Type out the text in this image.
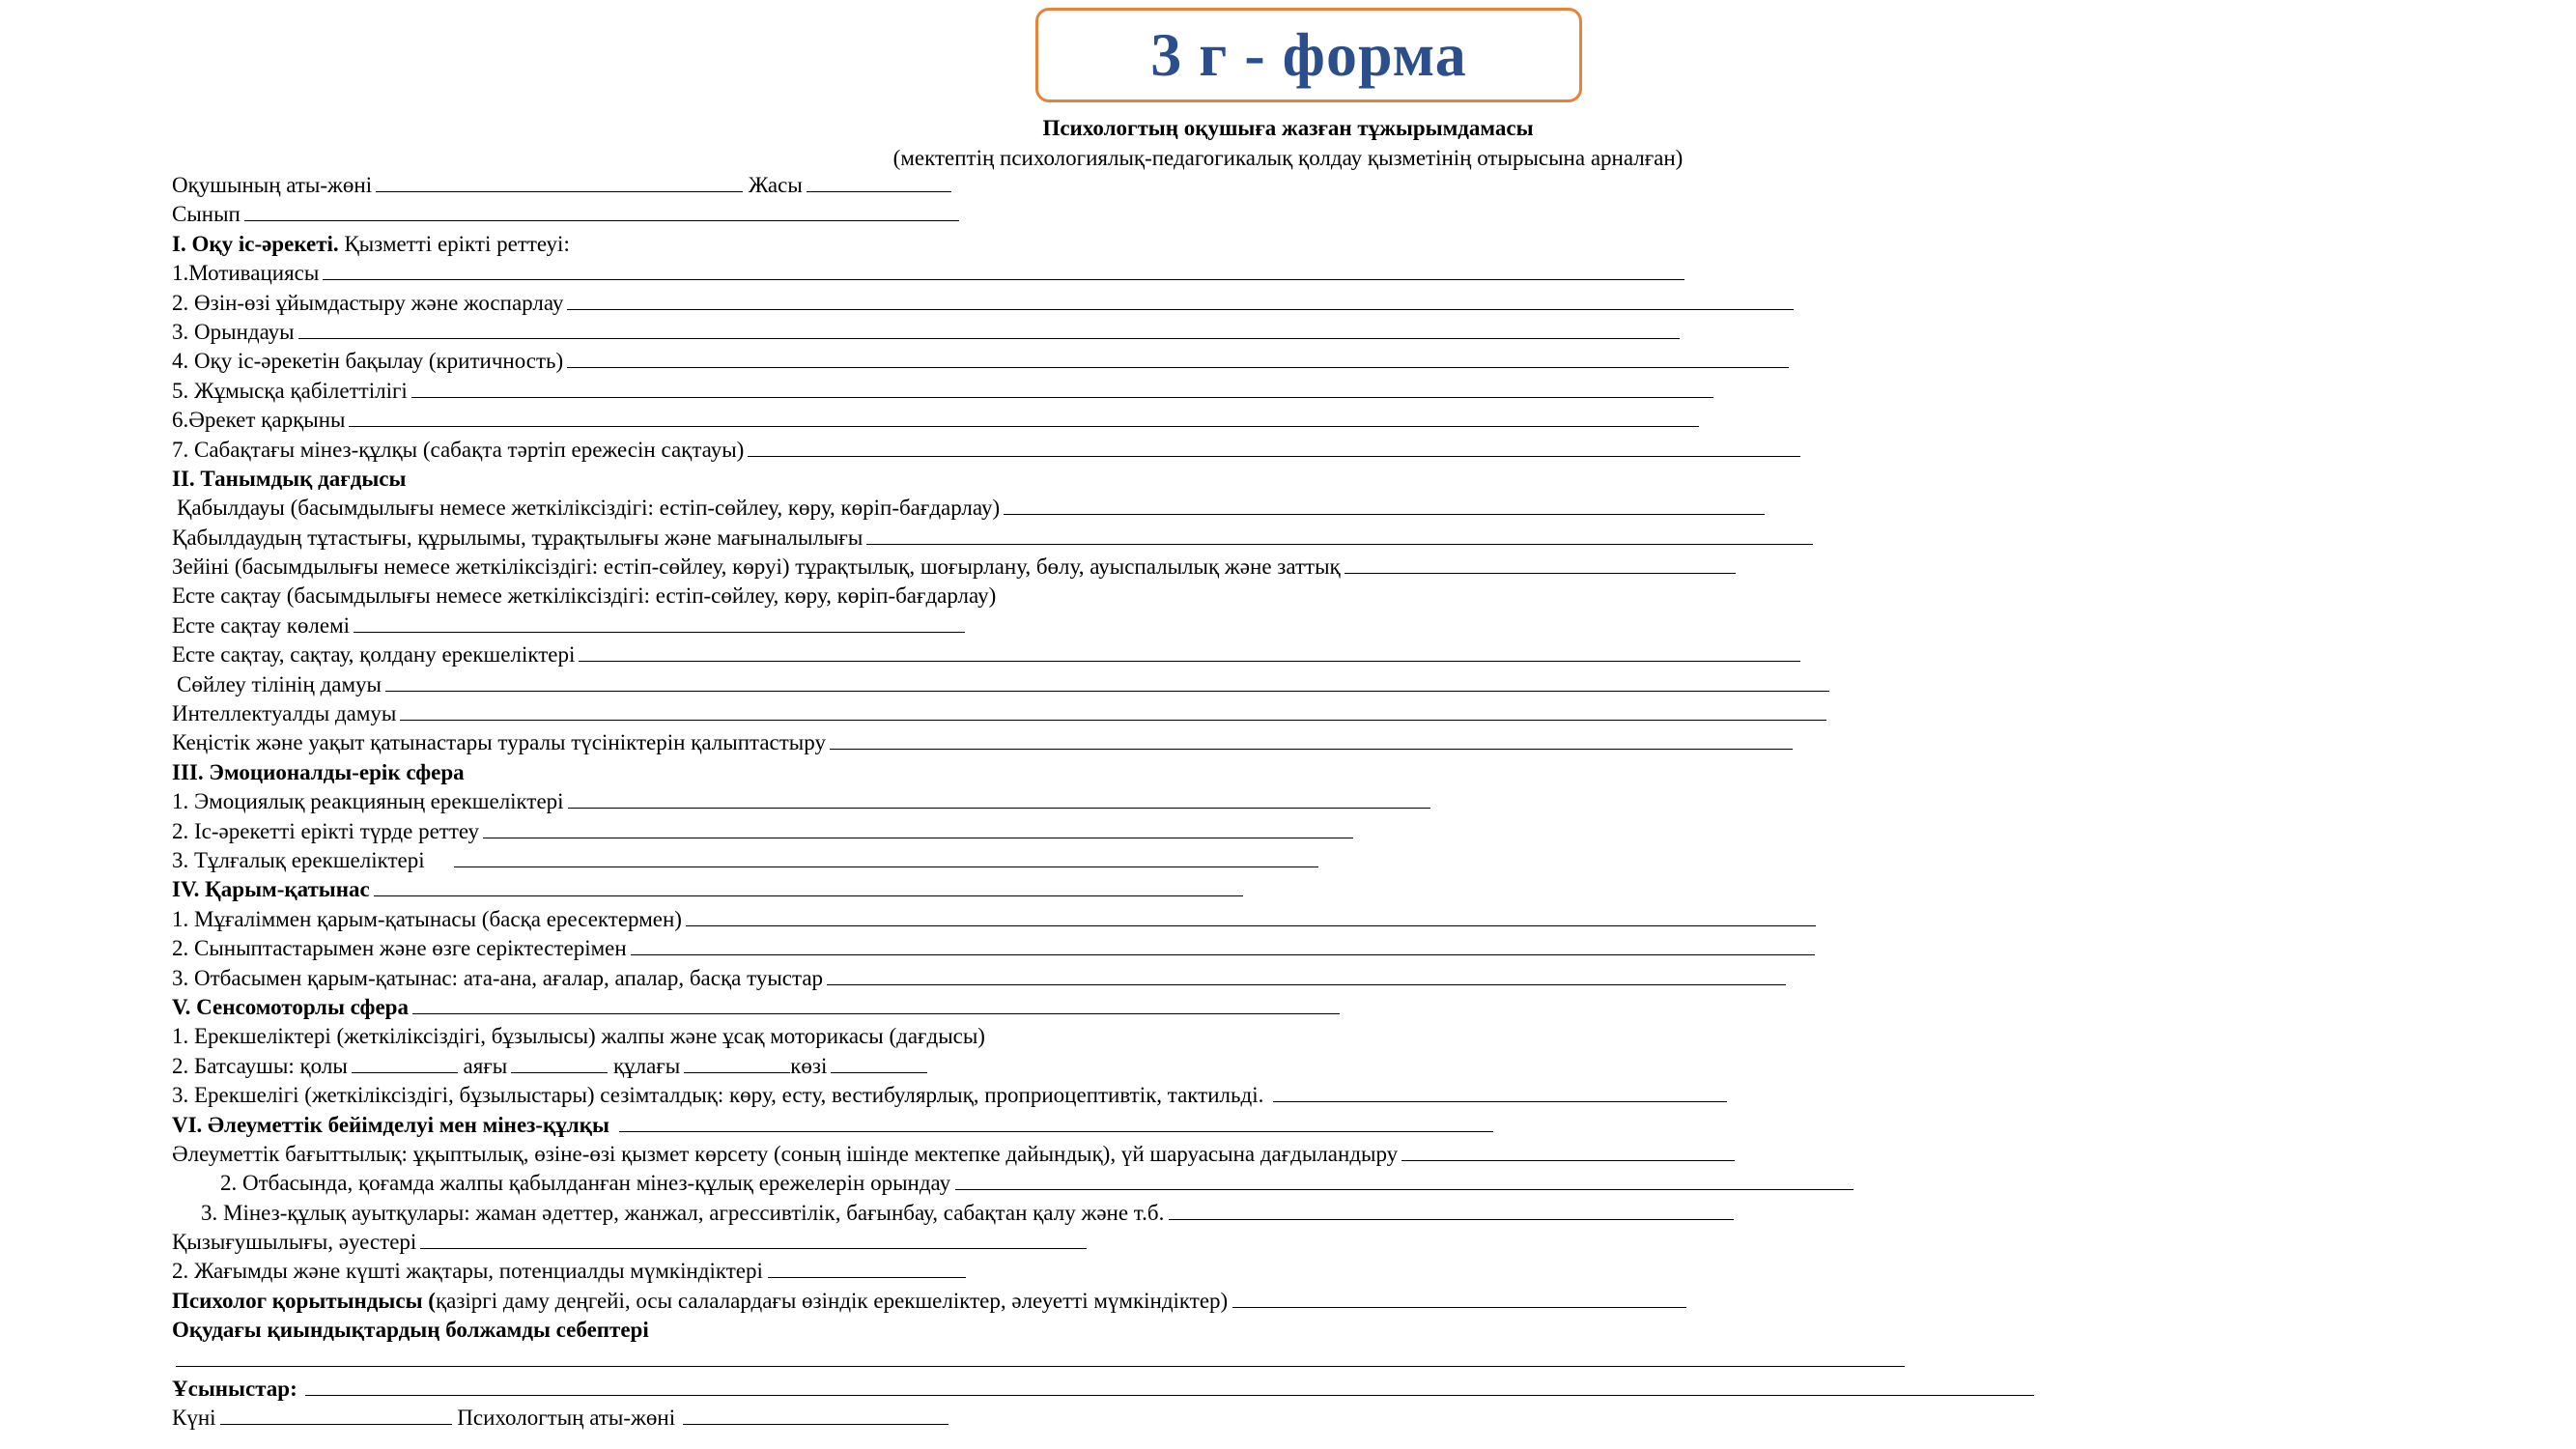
3 г - форма
Психологтың оқушыға жазған тұжырымдамасы
(мектептің психологиялық-педагогикалық қолдау қызметінің отырысына арналған)
Оқушының аты-жөні	Жасы
Сынып
I. Оқу іс-әрекеті. Қызметті ерікті реттеуі:
1.Мотивациясы
2. Өзін-өзі ұйымдастыру және жоспарлау
3. Орындауы
4. Оқу іс-әрекетін бақылау (критичность)
5. Жұмысқа қабілеттілігі
6.Әрекет қарқыны
7. Сабақтағы мінез-құлқы (сабақта тәртіп ережесін сақтауы)
II. Танымдық дағдысы
Қабылдауы (басымдылығы немесе жеткіліксіздігі: естіп-сөйлеу, көру, көріп-бағдарлау)
Қабылдаудың тұтастығы, құрылымы, тұрақтылығы және мағыналылығы
Зейіні (басымдылығы немесе жеткіліксіздігі: естіп-сөйлеу, көруі) тұрақтылық, шоғырлану, бөлу, ауыспалылық және заттық
Есте сақтау (басымдылығы немесе жеткіліксіздігі: естіп-сөйлеу, көру, көріп-бағдарлау)
Есте сақтау көлемі
Есте сақтау, сақтау, қолдану ерекшеліктері
Сөйлеу тілінің дамуы
Интеллектуалды дамуы
Кеңістік және уақыт қатынастары туралы түсініктерін қалыптастыру
III. Эмоционалды-ерік сфера
1. Эмоциялық реакцияның ерекшеліктері
2. Іс-әрекетті ерікті түрде реттеу
3. Тұлғалық ерекшеліктері
IV. Қарым-қатынас
1. Мұғаліммен қарым-қатынасы (басқа ересектермен)
2. Сыныптастарымен және өзге серіктестерімен
3. Отбасымен қарым-қатынас: ата-ана, ағалар, апалар, басқа туыстар
V. Сенсомоторлы сфера
1. Ерекшеліктері (жеткіліксіздігі, бұзылысы) жалпы және ұсақ моторикасы (дағдысы)
2. Батсаушы: қолы	аяғы	құлағы	көзі
3. Ерекшелігі (жеткіліксіздігі, бұзылыстары) сезімталдық: көру, есту, вестибулярлық, проприоцептивтік, тактильді.
VI. Әлеуметтік бейімделуі мен мінез-құлқы
Әлеуметтік бағыттылық: ұқыптылық, өзіне-өзі қызмет көрсету (соның ішінде мектепке дайындық), үй шаруасына дағдыландыру
2. Отбасында, қоғамда жалпы қабылданған мінез-құлық ережелерін орындау
3. Мінез-құлық ауытқулары: жаман әдеттер, жанжал, агрессивтілік, бағынбау, сабақтан қалу және т.б.
Қызығушылығы, әуестері
2. Жағымды және күшті жақтары, потенциалды мүмкіндіктері
Психолог қорытындысы (қазіргі даму деңгейі, осы салалардағы өзіндік ерекшеліктер, әлеуетті мүмкіндіктер)
Оқудағы қиындықтардың болжамды себептері
Ұсыныстар:
Күні	Психологтың аты-жөні
